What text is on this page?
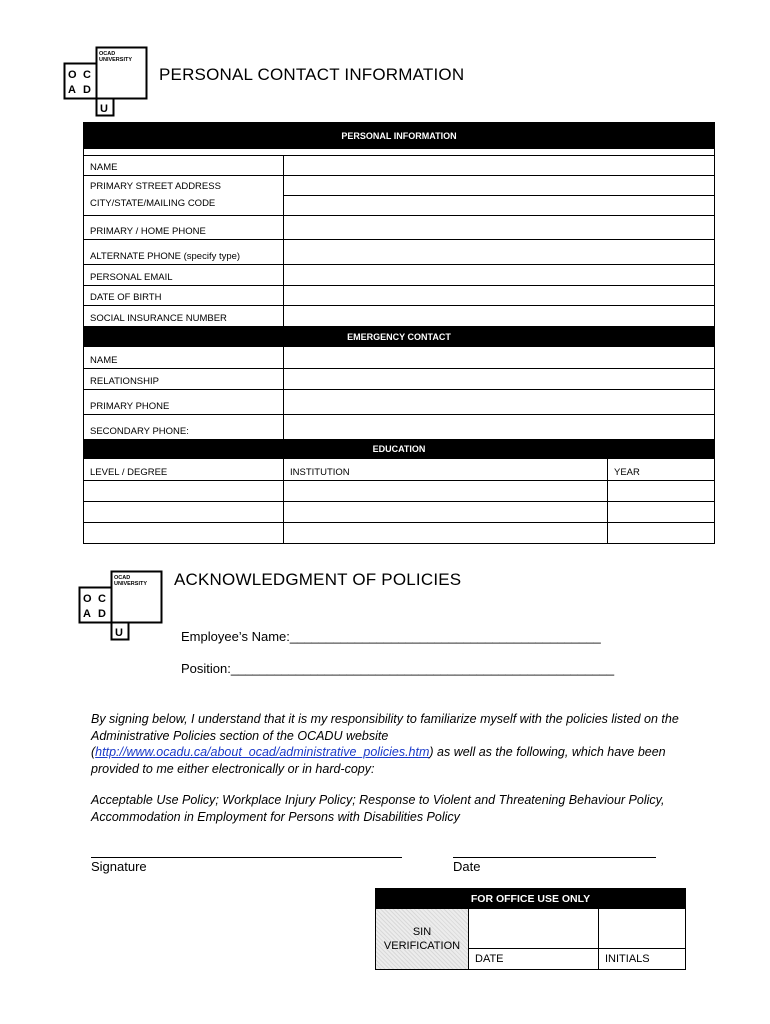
OCAD
UNIVERSITY
O C
A D
U
PERSONAL CONTACT INFORMATION
PERSONAL INFORMATION
NAME
PRIMARY STREET ADDRESS
CITY/STATE/MAILING CODE
PRIMARY / HOME PHONE
ALTERNATE PHONE (specify type)
PERSONAL EMAIL
DATE OF BIRTH
SOCIAL INSURANCE NUMBER
EMERGENCY CONTACT
NAME
RELATIONSHIP
PRIMARY PHONE
SECONDARY PHONE:
EDUCATION
LEVEL / DEGREE	INSTITUTION	YEAR
OCAD
UNIVERSITY
O C
A D
U
ACKNOWLEDGMENT OF POLICIES
Employee’s Name:___________________________________________
Position:_____________________________________________________
By signing below, I understand that it is my responsibility to familiarize myself with the policies listed on the Administrative Policies section of the OCADU website (http://www.ocadu.ca/about_ocad/administrative_policies.htm) as well as the following, which have been provided to me either electronically or in hard-copy:
Acceptable Use Policy; Workplace Injury Policy; Response to Violent and Threatening Behaviour Policy, Accommodation in Employment for Persons with Disabilities Policy
Signature	Date
FOR OFFICE USE ONLY
SIN
VERIFICATION
DATE	INITIALS
